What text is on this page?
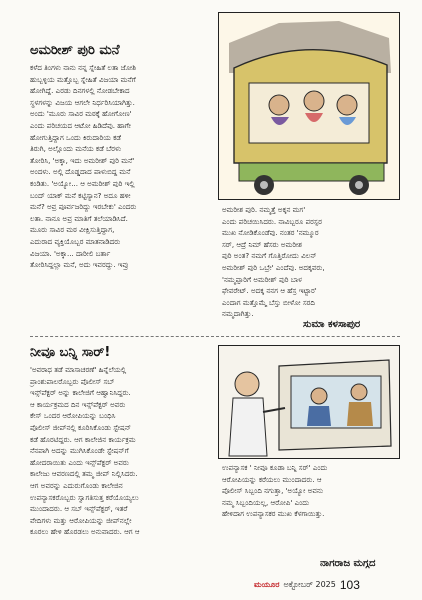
ಅಮರೀಶ್‌ ಪುರಿ ಮನೆ

ಕಳೆದ ತಿಂಗಳು ನಾನು ನನ್ನ ಸ್ನೇಹಿತೆ ಲತಾ ಜೋಶಿ

ಹುಬ್ಬಳ್ಳಿಯ ಮತ್ತೊಬ್ಬ ಸ್ನೇಹಿತೆ ವಿಜಯಾ ಮನೆಗೆ

ಹೋಗಿದ್ದೆ. ಎರಡು ದಿನಗಳಲ್ಲಿ ನೋಡಬೇಕಾದ

ಸ್ಥಳಗಳನ್ನು ವಿಜಯ ಆಗಲೇ ನಿರ್ಧರಿಸಿಯಾಗಿತ್ತು.

ಅಂದು 'ಮೂರು ಸಾವಿರ ಮಠಕ್ಕೆ ಹೋಗೋಣ'

ಎಂದು ಪರಿಚಯದ ಆಟೋ ಹಿಡಿದೆವು. ಹಾಗೇ

ಹೋಗುತ್ತಿದ್ದಾಗ ಒಂದು ಕಿರುದಾರಿಯ ಕಡೆ

ತಿರುಗಿ, ಅಲ್ಲೊಂದು ಮನೆಯ ಕಡೆ ಬೆರಳು

ತೋರಿಸಿ, 'ಅಕ್ಕಾ, ಇದು ಅಮರೀಶ್‌ ಪುರಿ ಮನೆ'

ಅಂದಳು. ಅಲ್ಲಿ ದೊಡ್ಡದಾದ ಪಾಳುಬಿದ್ದ ಮನೆ

ಕಂಡಿತು. 'ಅಯ್ಯೋ... ಆ ಅಮರೀಶ್‌ ಪುರಿ ಇಲ್ಲಿ

ಬಂದ್‌ ಯಾಕ್‌ ಮನೆ ಕಟ್ಟಿಸ್ಯಾನ? ಅದೂ ಹಳೀ

ಮನೆ? ಅವ್ರ ಪೂರ್ವಜರಿದ್ದು ಇರಬೇಕು' ಎಂದರು

ಲತಾ. ನಾನೂ ಅವ್ರ ಮಾತಿಗೆ ತಲೆಯಾಡಿಸಿದೆ.

ಮೂರು ಸಾವಿರ ಮಠ ವೀಕ್ಷಿಸುತ್ತಿದ್ದಾಗ,

ಎದುರಾದ ವ್ಯಕ್ತಿಯೊಬ್ಬರ ಮಾತನಾಡಿದರು

ವಿಜಯಾ. 'ಅಕ್ಕಾ... ದಾರೀಲಿ ಬರ್ತಾ

ತೋರಿಸಿದ್ದಲ್ಲಾ ಮನೆ, ಅದು ಇವರದ್ದು. ಇವ್ರು

ಅಮರೀಶ ಪುರಿ. ನಮ್ಮತ್ತೆ ಅಕ್ಕನ ಮಗ'

ಎಂದು ಪರಿಚಯಿಸಿದರು. ನಾವಿಬ್ಬರೂ ಪರಸ್ಪರ

ಮುಖ ನೋಡಿಕೊಂಡೆವು. ನಂತರ 'ನಮ್ಮೂರ

ಸರ್, ಆದ್ರೆ ನಿಮ್‌ ಹೆಸರು ಅಮರೀಶ

ಪುರಿ ಅಂತ? ನಮಗೆ ಗೊತ್ತಿರೋದು ವಿಲನ್

ಅಮರೀಶ್‌ ಪುರಿ ಒಬ್ರೇ' ಎಂದೆವು. ಅದಕ್ಕವರು,

'ನಮ್ಮಪ್ಪಾರಿಗೆ ಅಮರೀಶ್‌ ಪುರಿ ಬಾಳ

ಫೇವರೇಟ್‌. ಅದಕ್ಕ ನನಗ ಆ ಹೆಸ್ರ ಇಟ್ಟಾರ'

ಎಂದಾಗ ಮತ್ತೊಮ್ಮೆ ಬೆಸ್ತು ಬೀಳೋ ಸರದಿ

ನಮ್ಮದಾಗಿತ್ತು.

ಸುಮಾ ಕಳಸಾಪುರ
ನೀವೂ ಬನ್ನಿ ಸಾರ್‌!

'ಅವರಾಧ ತಡೆ ಮಾಸಾಚರಣೆ' ಹಿನ್ನೆಲೆಯಲ್ಲಿ

ಪ್ರಾಂಶುಪಾಲರೊಬ್ಬರು ಪೊಲೀಸ್‌ ಸಬ್

ಇನ್ಸ್‌ಪೆಕ್ಟರ್‌ ಅನ್ನು ಕಾಲೇಜಿಗೆ ಆಹ್ವಾನಿಸಿದ್ದರು.

ಆ ಕಾರ್ಯಕ್ರಮದ ದಿನ ಇನ್ಸ್‌ಪೆಕ್ಟರ್‌ ಅವರು

ಕೇಸ್‌ ಒಂದರ ಆರೋಪಿಯನ್ನು ಬಂಧಿಸಿ

ಪೊಲೀಸ್‌ ಜೀಪ್‌ನಲ್ಲಿ ಕೂರಿಸಿಕೊಂಡು ಸ್ಟೇಷನ್

ಕಡೆ ಹೊರಟಿದ್ದರು. ಆಗ ಕಾಲೇಜಿನ ಕಾರ್ಯಕ್ರಮ

ನೆನಪಾಗಿ ಅದನ್ನು ಮುಗಿಸಿಕೊಂಡೇ ಸ್ಟೇಷನ್‌ಗೆ

ಹೋದರಾಯಿತು ಎಂದು ಇನ್ಸ್‌ಪೆಕ್ಟರ್‌ ಅವರು

ಕಾಲೇಜು ಆವರಣದಲ್ಲಿ ತಮ್ಮ ಜೀಪ್‌ ನಿಲ್ಲಿಸಿದರು.

ಆಗ ಅವರನ್ನು ಎದುರುಗೊಂಡು ಕಾಲೇಜಿನ

ಉಪನ್ಯಾಸಕರೊಬ್ಬರು ಸ್ವಾಗತಿಸುತ್ತ ಕರೆಯೊಯ್ಯಲು

ಮುಂದಾದರು. ಆ ಸಬ್‌ ಇನ್ಸ್‌ಪೆಕ್ಟರ್‌, ಇತರೆ

ವೇದಿಗಳು ಮತ್ತು ಆರೋಪಿಯನ್ನು ಜೀಪ್‌ನಲ್ಲೇ

ಕೂರಲು ಹೇಳಿ ಹೊರಡಲು ಅನುವಾದರು. ಆಗ ಆ

ಉಪನ್ಯಾಸಕ ' ನೀವೂ ಕೂಡಾ ಬನ್ನಿ ಸರ್‌' ಎಂದು

ಆರೋಪಿಯನ್ನು ಕರೆಯಲು ಮುಂದಾದರು. ಆ

ಪೊಲೀಸ್‌ ಸಿಬ್ಬಂದಿ ನಗುತ್ತಾ, 'ಅಯ್ಯೋ ಅವನು

ನಮ್ಮ ಸಿಬ್ಬಂದಿಯಲ್ಲ, ಆರೋಪಿ' ಎಂದು

ಹೇಳಿದಾಗ ಉಪನ್ಯಾಸಕರ ಮುಖ ಕೆಳಗಾಯಿತ್ತು.

ನಾಗರಾಜ ಮಗ್ಗದ
ಮಯೂರ ಅಕ್ಟೋಬರ್‌ 2025 103
